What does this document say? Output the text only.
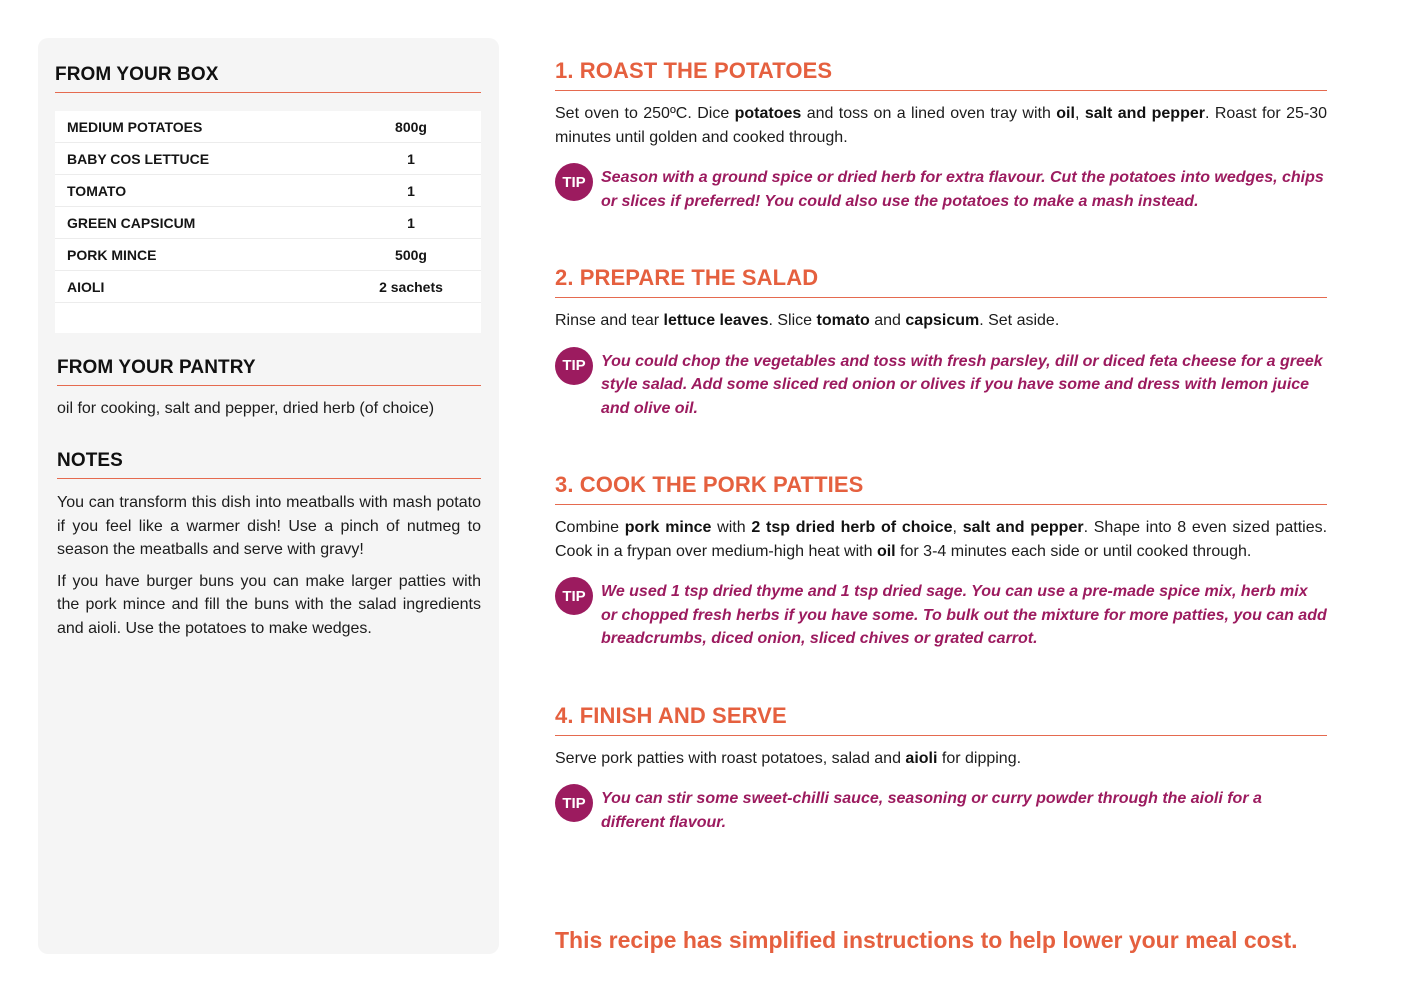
FROM YOUR BOX
MEDIUM POTATOES	800g
BABY COS LETTUCE	1
TOMATO	1
GREEN CAPSICUM	1
PORK MINCE	500g
AIOLI	2 sachets
FROM YOUR PANTRY
oil for cooking, salt and pepper, dried herb (of choice)
NOTES

You can transform this dish into meatballs with mash potato if you feel like a warmer dish! Use a pinch of nutmeg to season the meatballs and serve with gravy!

If you have burger buns you can make larger patties with the pork mince and fill the buns with the salad ingredients and aioli. Use the potatoes to make wedges.

1. ROAST THE POTATOES
Set oven to 250ºC. Dice potatoes and toss on a lined oven tray with oil, salt and pepper. Roast for 25-30 minutes until golden and cooked through.
TIP Season with a ground spice or dried herb for extra flavour. Cut the potatoes into wedges, chips or slices if preferred! You could also use the potatoes to make a mash instead.
2. PREPARE THE SALAD
Rinse and tear lettuce leaves. Slice tomato and capsicum. Set aside.
TIP You could chop the vegetables and toss with fresh parsley, dill or diced feta cheese for a greek style salad. Add some sliced red onion or olives if you have some and dress with lemon juice and olive oil.
3. COOK THE PORK PATTIES
Combine pork mince with 2 tsp dried herb of choice, salt and pepper. Shape into 8 even sized patties. Cook in a frypan over medium-high heat with oil for 3-4 minutes each side or until cooked through.
TIP We used 1 tsp dried thyme and 1 tsp dried sage. You can use a pre-made spice mix, herb mix or chopped fresh herbs if you have some. To bulk out the mixture for more patties, you can add breadcrumbs, diced onion, sliced chives or grated carrot.
4. FINISH AND SERVE
Serve pork patties with roast potatoes, salad and aioli for dipping.
TIP You can stir some sweet-chilli sauce, seasoning or curry powder through the aioli for a different flavour.
This recipe has simplified instructions to help lower your meal cost.
